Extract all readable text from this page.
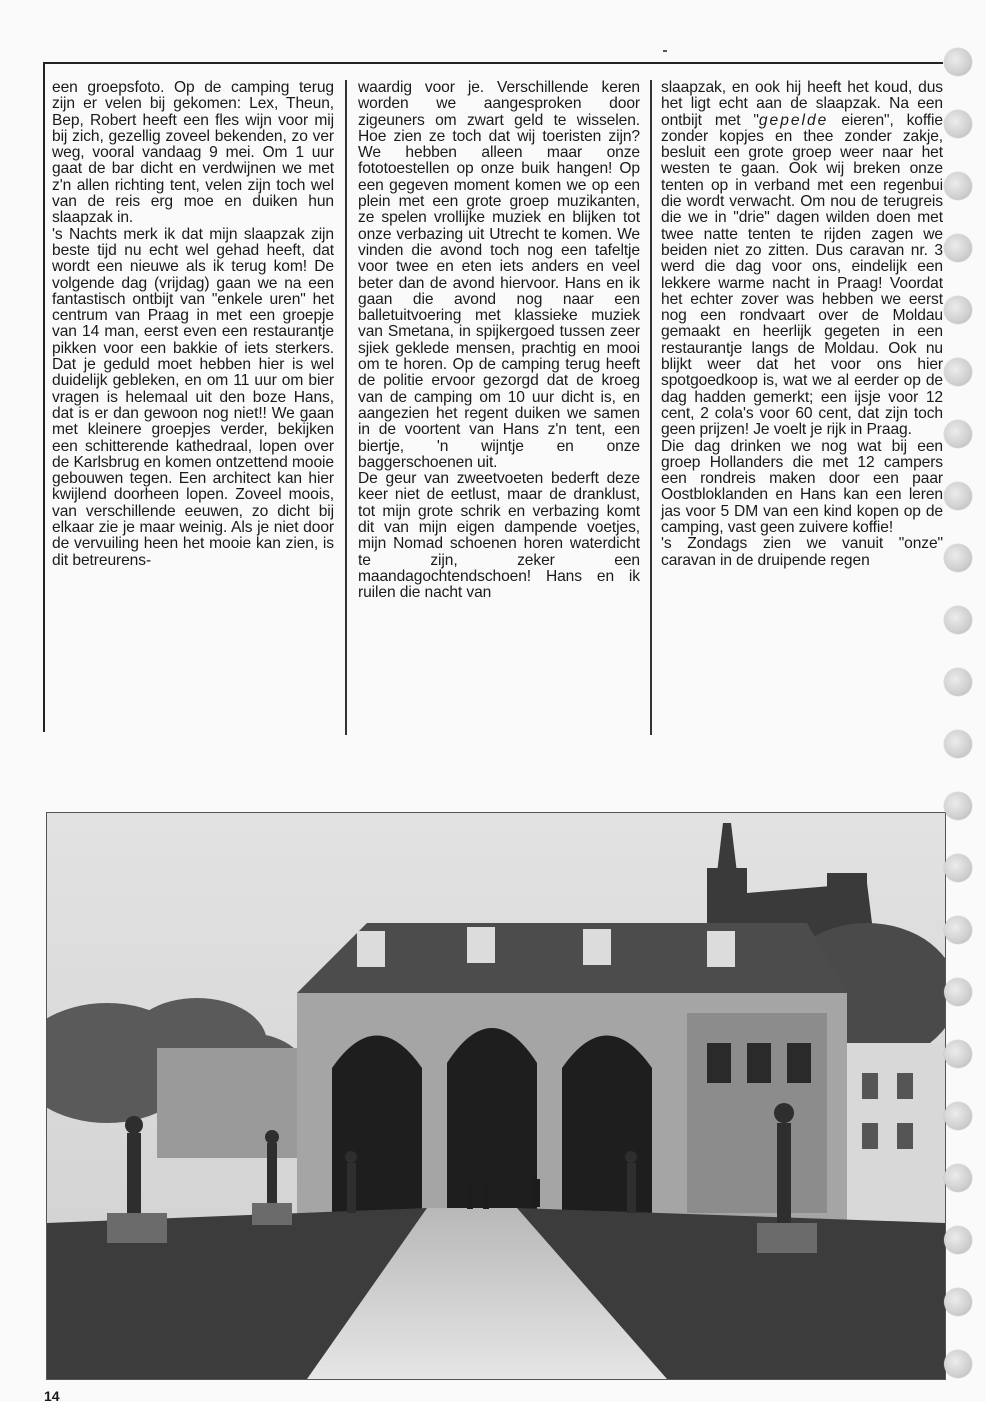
een groepsfoto. Op de camping terug zijn er velen bij gekomen: Lex, Theun, Bep, Robert heeft een fles wijn voor mij bij zich, gezellig zoveel bekenden, zo ver weg, vooral vandaag 9 mei. Om 1 uur gaat de bar dicht en verdwijnen we met z'n allen richting tent, velen zijn toch wel van de reis erg moe en duiken hun slaapzak in.

's Nachts merk ik dat mijn slaapzak zijn beste tijd nu echt wel gehad heeft, dat wordt een nieuwe als ik terug kom! De volgende dag (vrijdag) gaan we na een fantastisch ontbijt van "enkele uren" het centrum van Praag in met een groepje van 14 man, eerst even een restaurantje pikken voor een bakkie of iets sterkers. Dat je geduld moet hebben hier is wel duidelijk gebleken, en om 11 uur om bier vragen is helemaal uit den boze Hans, dat is er dan gewoon nog niet!! We gaan met kleinere groepjes verder, bekijken een schitterende kathedraal, lopen over de Karlsbrug en komen ontzettend mooie gebouwen tegen. Een architect kan hier kwijlend doorheen lopen. Zoveel moois, van verschillende eeuwen, zo dicht bij elkaar zie je maar weinig. Als je niet door de vervuiling heen het mooie kan zien, is dit betreurens-

waardig voor je. Verschillende keren worden we aangesproken door zigeuners om zwart geld te wisselen. Hoe zien ze toch dat wij toeristen zijn? We hebben alleen maar onze fototoestellen op onze buik hangen! Op een gegeven moment komen we op een plein met een grote groep muzikanten, ze spelen vrollijke muziek en blijken tot onze verbazing uit Utrecht te komen. We vinden die avond toch nog een tafeltje voor twee en eten iets anders en veel beter dan de avond hiervoor. Hans en ik gaan die avond nog naar een balletuitvoering met klassieke muziek van Smetana, in spijkergoed tussen zeer sjiek geklede mensen, prachtig en mooi om te horen. Op de camping terug heeft de politie ervoor gezorgd dat de kroeg van de camping om 10 uur dicht is, en aangezien het regent duiken we samen in de voortent van Hans z'n tent, een biertje, 'n wijntje en onze baggerschoenen uit.

De geur van zweetvoeten bederft deze keer niet de eetlust, maar de dranklust, tot mijn grote schrik en verbazing komt dit van mijn eigen dampende voetjes, mijn Nomad schoenen horen waterdicht te zijn, zeker een maandagochtendschoen! Hans en ik ruilen die nacht van

slaapzak, en ook hij heeft het koud, dus het ligt echt aan de slaapzak. Na een ontbijt met "gepelde eieren", koffie zonder kopjes en thee zonder zakje, besluit een grote groep weer naar het westen te gaan. Ook wij breken onze tenten op in verband met een regenbui die wordt verwacht. Om nou de terugreis die we in "drie" dagen wilden doen met twee natte tenten te rijden zagen we beiden niet zo zitten. Dus caravan nr. 3 werd die dag voor ons, eindelijk een lekkere warme nacht in Praag! Voordat het echter zover was hebben we eerst nog een rondvaart over de Moldau gemaakt en heerlijk gegeten in een restaurantje langs de Moldau. Ook nu blijkt weer dat het voor ons hier spotgoedkoop is, wat we al eerder op de dag hadden gemerkt; een ijsje voor 12 cent, 2 cola's voor 60 cent, dat zijn toch geen prijzen! Je voelt je rijk in Praag.

Die dag drinken we nog wat bij een groep Hollanders die met 12 campers een rondreis maken door een paar Oostbloklanden en Hans kan een leren jas voor 5 DM van een kind kopen op de camping, vast geen zuivere koffie!

's Zondags zien we vanuit "onze" caravan in de druipende regen

14
